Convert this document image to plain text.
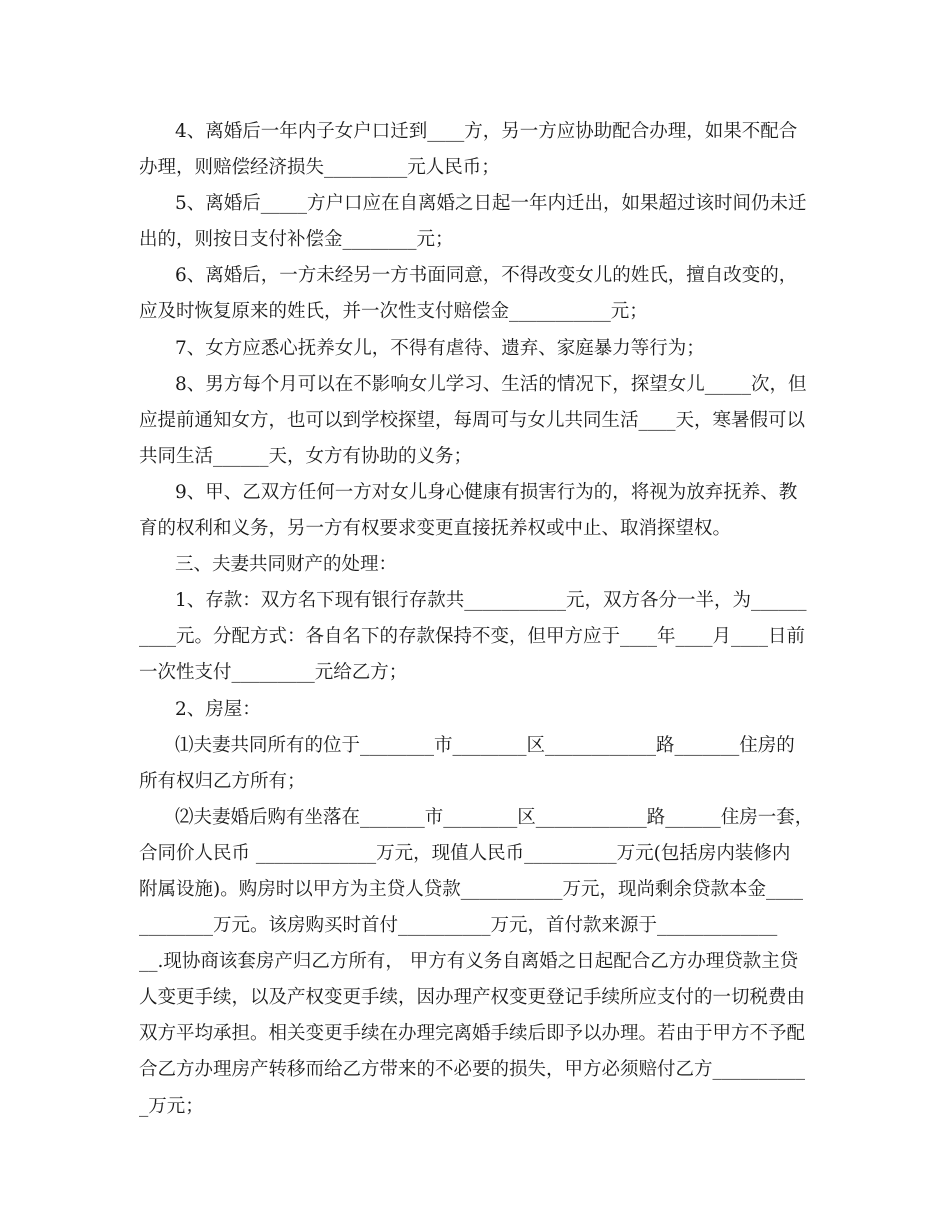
4、离婚后一年内子女户口迁到____方，另一方应协助配合办理，如果不配合
办理，则赔偿经济损失_________元人民币；
5、离婚后_____方户口应在自离婚之日起一年内迁出，如果超过该时间仍未迁
出的，则按日支付补偿金________元；
6、离婚后，一方未经另一方书面同意，不得改变女儿的姓氏，擅自改变的，
应及时恢复原来的姓氏，并一次性支付赔偿金___________元；
7、女方应悉心抚养女儿，不得有虐待、遗弃、家庭暴力等行为；
8、男方每个月可以在不影响女儿学习、生活的情况下，探望女儿_____次，但
应提前通知女方，也可以到学校探望，每周可与女儿共同生活____天，寒暑假可以
共同生活______天，女方有协助的义务；
9、甲、乙双方任何一方对女儿身心健康有损害行为的，将视为放弃抚养、教
育的权利和义务，另一方有权要求变更直接抚养权或中止、取消探望权。
三、夫妻共同财产的处理：
1、存款：双方名下现有银行存款共___________元，双方各分一半，为______
____元。分配方式：各自名下的存款保持不变，但甲方应于____年____月____日前
一次性支付_________元给乙方；
2、房屋：
⑴夫妻共同所有的位于________市________区____________路_______住房的
所有权归乙方所有；
⑵夫妻婚后购有坐落在_______市________区____________路______住房一套，
合同价人民币 _____________万元，现值人民币__________万元(包括房内装修内
附属设施)。购房时以甲方为主贷人贷款___________万元，现尚剩余贷款本金____
________万元。该房购买时首付__________万元，首付款来源于_____________
__.现协商该套房产归乙方所有， 甲方有义务自离婚之日起配合乙方办理贷款主贷
人变更手续，以及产权变更手续，因办理产权变更登记手续所应支付的一切税费由
双方平均承担。相关变更手续在办理完离婚手续后即予以办理。若由于甲方不予配
合乙方办理房产转移而给乙方带来的不必要的损失，甲方必须赔付乙方__________
_万元；
